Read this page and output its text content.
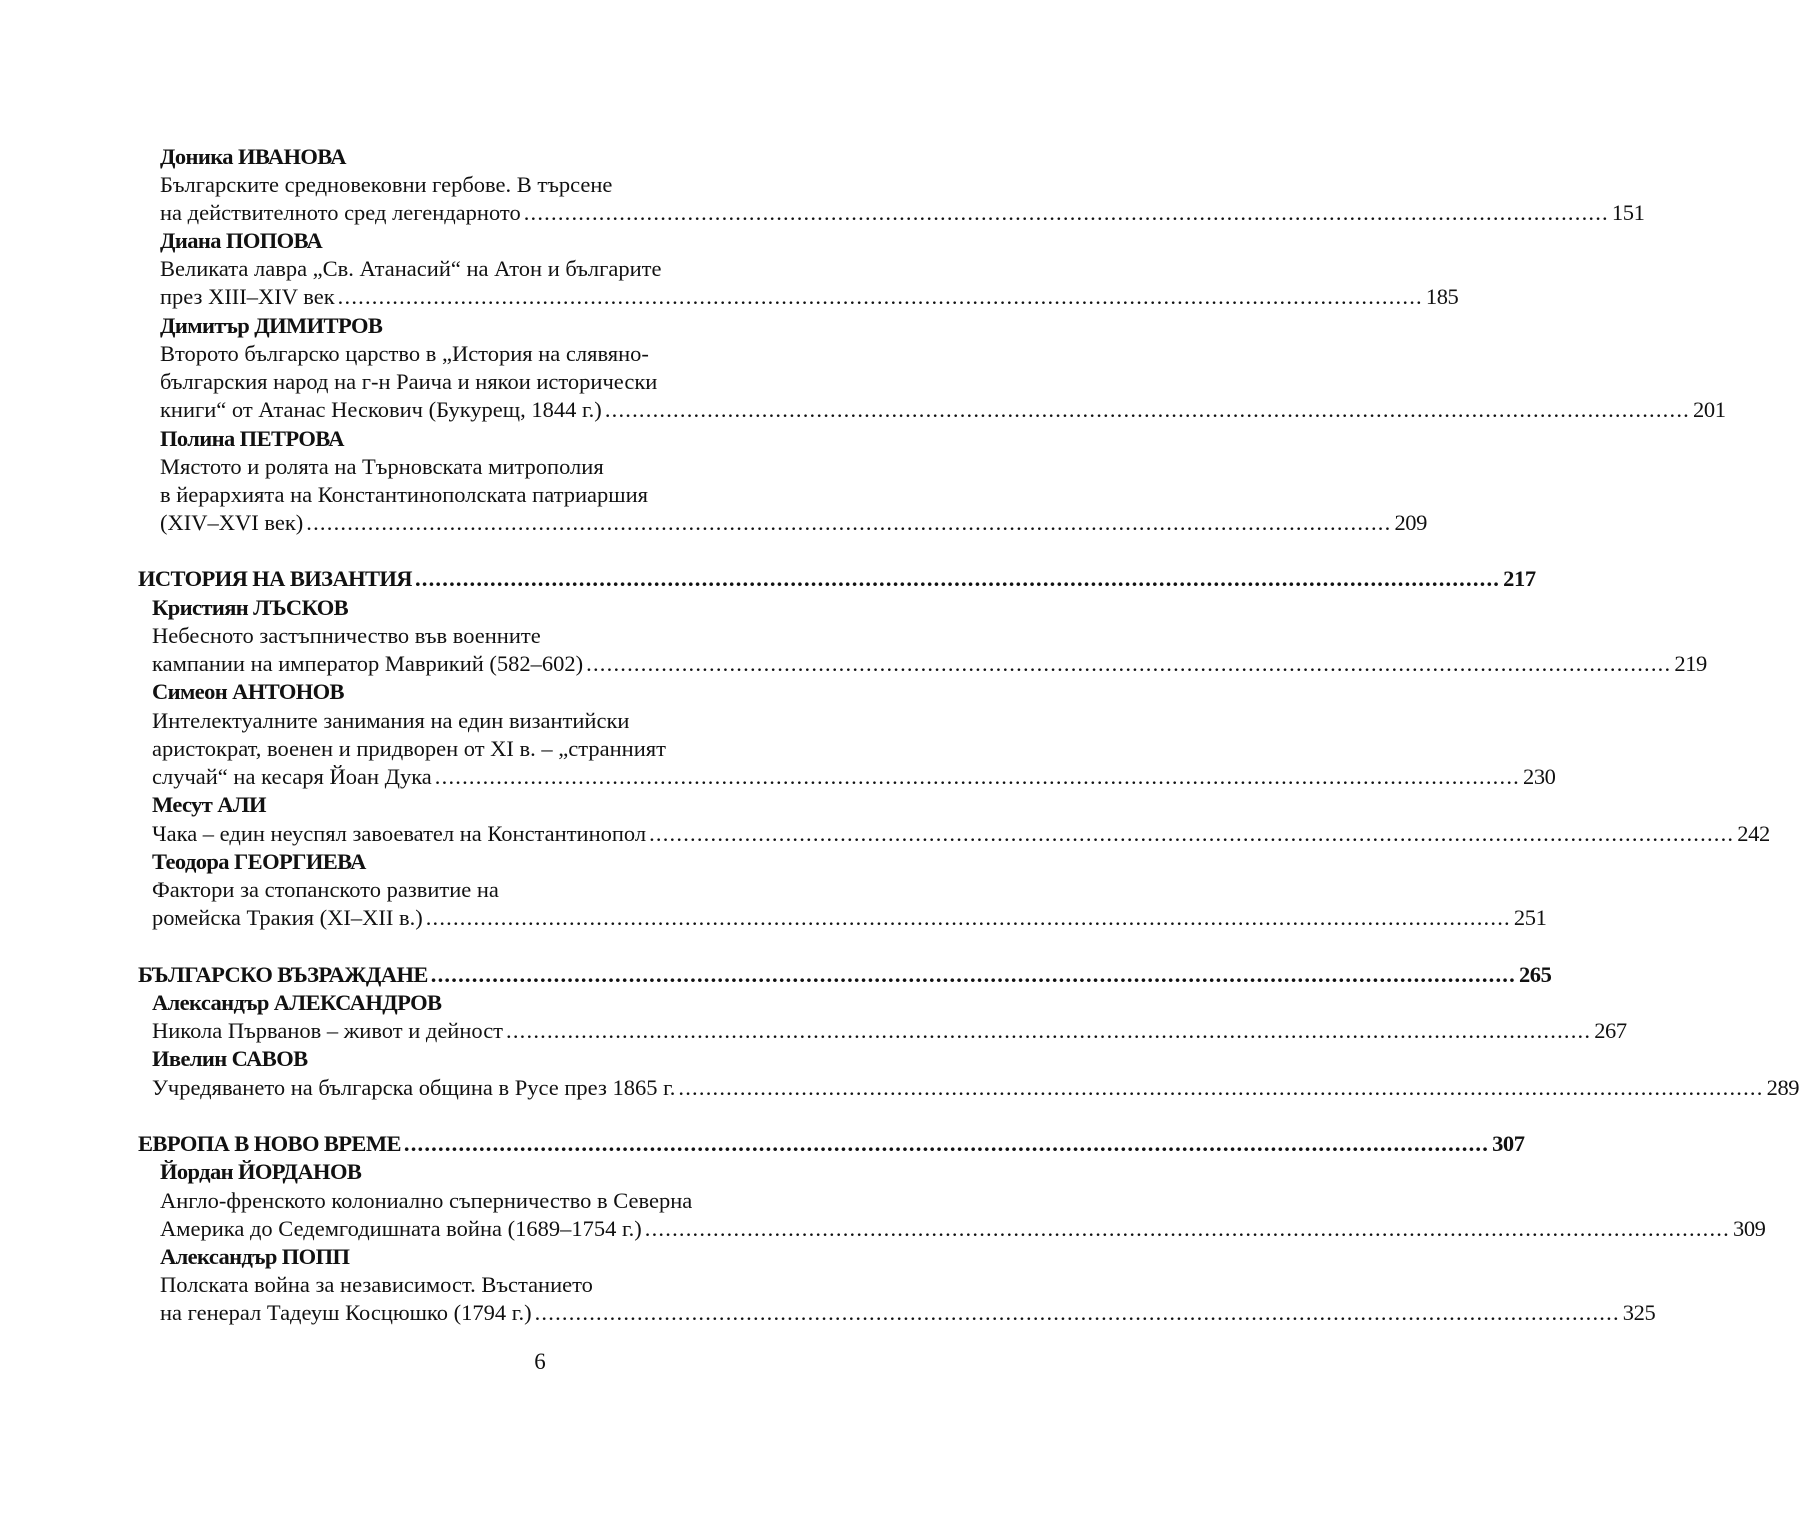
Доника ИВАНОВА
Българските средновековни гербове. В търсене
на действителното сред легендарното ............................................................................................................................................................... 151
Диана ПОПОВА
Великата лавра „Св. Атанасий“ на Атон и българите
през XIII–XIV век ............................................................................................................................................................... 185
Димитър ДИМИТРОВ
Второто българско царство в „История на слявяно-
българския народ на г-н Раича и някои исторически
книги“ от Атанас Нескович (Букурещ, 1844 г.) ............................................................................................................................................................... 201
Полина ПЕТРОВА
Мястото и ролята на Търновската митрополия
в йерархията на Константинополската патриаршия
(XIV–XVI век) ............................................................................................................................................................... 209
ИСТОРИЯ НА ВИЗАНТИЯ ............................................................................................................................................................... 217
Кристиян ЛЪСКОВ
Небесното застъпничество във военните
кампании на император Маврикий (582–602) ............................................................................................................................................................... 219
Симеон АНТОНОВ
Интелектуалните занимания на един византийски
аристократ, военен и придворен от XI в. – „странният
случай“ на кесаря Йоан Дука ............................................................................................................................................................... 230
Месут АЛИ
Чака – един неуспял завоевател на Константинопол ............................................................................................................................................................... 242
Теодора ГЕОРГИЕВА
Фактори за стопанското развитие на
ромейска Тракия (XI–XII в.) ............................................................................................................................................................... 251
БЪЛГАРСКО ВЪЗРАЖДАНЕ ............................................................................................................................................................... 265
Александър АЛЕКСАНДРОВ
Никола Първанов – живот и дейност ............................................................................................................................................................... 267
Ивелин САВОВ
Учредяването на българска община в Русе през 1865 г. ............................................................................................................................................................... 289
ЕВРОПА В НОВО ВРЕМЕ ............................................................................................................................................................... 307
Йордан ЙОРДАНОВ
Англо-френското колониално съперничество в Северна
Америка до Седемгодишната война (1689–1754 г.) ............................................................................................................................................................... 309
Александър ПОПП
Полската война за независимост. Въстанието
на генерал Тадеуш Косцюшко (1794 г.) ............................................................................................................................................................... 325
6
